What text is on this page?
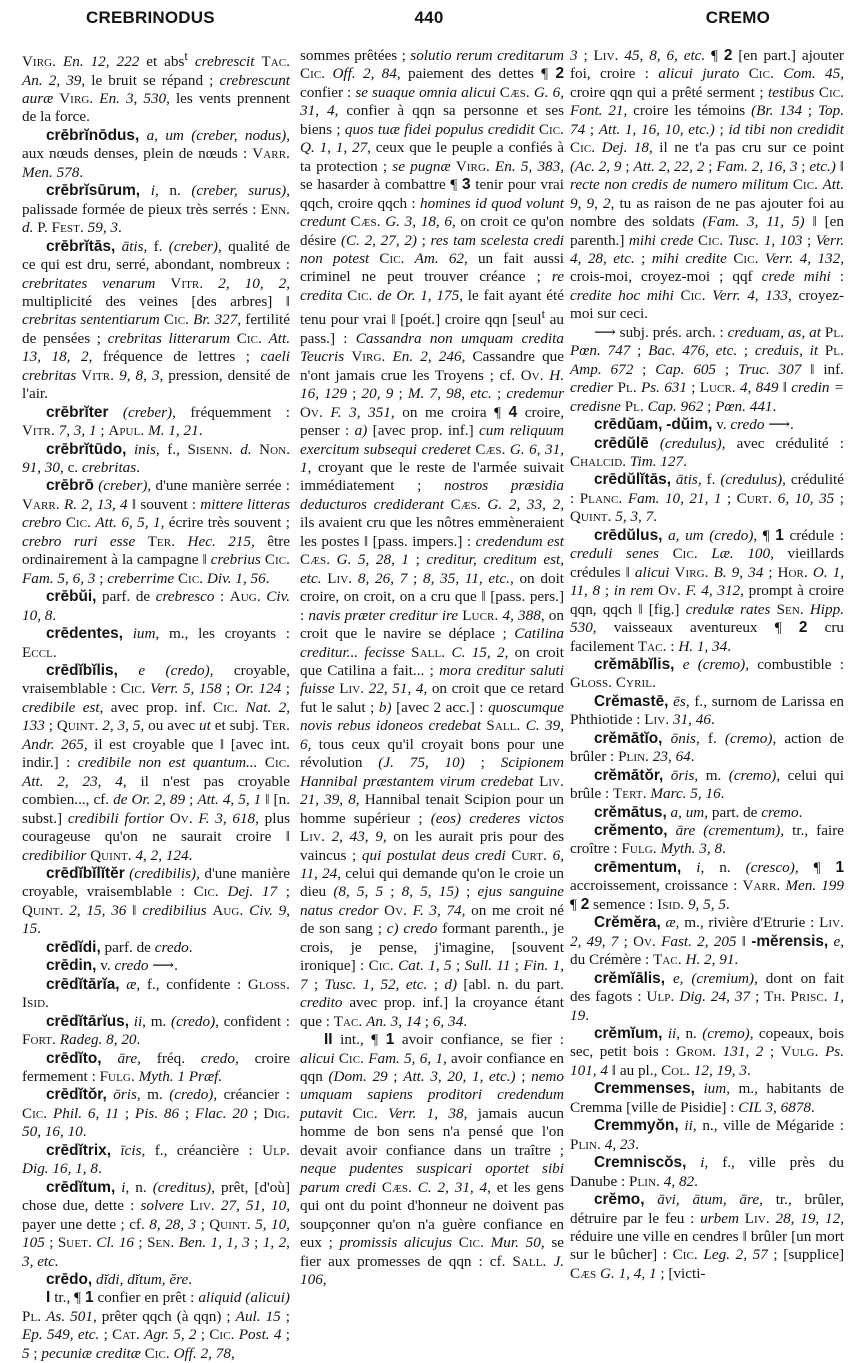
CREBRINODUS	440	CREMO

Virg. En. 12, 222 et abs$^t$ crebrescit Tac. An. 2, 39, le bruit se répand ; crebrescunt auræ Virg. En. 3, 530, les vents prennent de la force.

crēbrĭnōdus, a, um (creber, nodus), aux nœuds denses, plein de nœuds : Varr. Men. 578.

crēbrĭsūrum, i, n. (creber, surus), palissade formée de pieux très serrés : Enn. d. P. Fest. 59, 3.

crēbrĭtās, ātis, f. (creber), qualité de ce qui est dru, serré, abondant, nombreux : crebritates venarum Vitr. 2, 10, 2, multiplicité des veines [des arbres] ‖ crebritas sententiarum Cic. Br. 327, fertilité de pensées ; crebritas litterarum Cic. Att. 13, 18, 2, fréquence de lettres ; caeli crebritas Vitr. 9, 8, 3, pression, densité de l'air.

crēbrĭter (creber), fréquemment : Vitr. 7, 3, 1 ; Apul. M. 1, 21.

crēbrĭtūdo, inis, f., Sisenn. d. Non. 91, 30, c. crebritas.

crēbrō (creber), d'une manière serrée : Varr. R. 2, 13, 4 ‖ souvent : mittere litteras crebro Cic. Att. 6, 5, 1, écrire très souvent ; crebro ruri esse Ter. Hec. 215, être ordinairement à la campagne ‖ crebrius Cic. Fam. 5, 6, 3 ; creberrime Cic. Div. 1, 56.

crēbŭi, parf. de crebresco : Aug. Civ. 10, 8.

crēdentes, ium, m., les croyants : Eccl.

crēdĭbĭlis, e (credo), croyable, vraisemblable : Cic. Verr. 5, 158 ; Or. 124 ; credibile est, avec prop. inf. Cic. Nat. 2, 133 ; Quint. 2, 3, 5, ou avec ut et subj. Ter. Andr. 265, il est croyable que ‖ [avec int. indir.] : credibile non est quantum... Cic. Att. 2, 23, 4, il n'est pas croyable combien..., cf. de Or. 2, 89 ; Att. 4, 5, 1 ‖ [n. subst.] credibili fortior Ov. F. 3, 618, plus courageuse qu'on ne saurait croire ‖ credibilior Quint. 4, 2, 124.

crēdĭbĭlĭtĕr (credibilis), d'une manière croyable, vraisemblable : Cic. Dej. 17 ; Quint. 2, 15, 36 ‖ credibilius Aug. Civ. 9, 15.

crēdĭdi, parf. de credo.

crēdin, v. credo ⟶.

crēdĭtārĭa, æ, f., confidente : Gloss. Isid.

crēdĭtārĭus, ii, m. (credo), confident : Fort. Radeg. 8, 20.

crēdĭto, āre, fréq. credo, croire fermement : Fulg. Myth. 1 Præf.

crēdĭtŏr, ōris, m. (credo), créancier : Cic. Phil. 6, 11 ; Pis. 86 ; Flac. 20 ; Dig. 50, 16, 10.

crēdĭtrix, īcis, f., créancière : Ulp. Dig. 16, 1, 8.

crēdĭtum, i, n. (creditus), prêt, [d'où] chose due, dette : solvere Liv. 27, 51, 10, payer une dette ; cf. 8, 28, 3 ; Quint. 5, 10, 105 ; Suet. Cl. 16 ; Sen. Ben. 1, 1, 3 ; 1, 2, 3, etc.

crēdo, dĭdi, dĭtum, ĕre.

I tr., ¶ 1 confier en prêt : aliquid (alicui) Pl. As. 501, prêter qqch (à qqn) ; Aul. 15 ; Ep. 549, etc. ; Cat. Agr. 5, 2 ; Cic. Post. 4 ; 5 ; pecuniæ creditæ Cic. Off. 2, 78,

sommes prêtées ; solutio rerum creditarum Cic. Off. 2, 84, paiement des dettes ¶ 2 confier : se suaque omnia alicui Cæs. G. 6, 31, 4, confier à qqn sa personne et ses biens ; quos tuæ fidei populus credidit Cic. Q. 1, 1, 27, ceux que le peuple a confiés à ta protection ; se pugnæ Virg. En. 5, 383, se hasarder à combattre ¶ 3 tenir pour vrai qqch, croire qqch : homines id quod volunt credunt Cæs. G. 3, 18, 6, on croit ce qu'on désire (C. 2, 27, 2) ; res tam scelesta credi non potest Cic. Am. 62, un fait aussi criminel ne peut trouver créance ; re credita Cic. de Or. 1, 175, le fait ayant été tenu pour vrai ‖ [poét.] croire qqn [seul$^t$ au pass.] : Cassandra non umquam credita Teucris Virg. En. 2, 246, Cassandre que n'ont jamais crue les Troyens ; cf. Ov. H. 16, 129 ; 20, 9 ; M. 7, 98, etc. ; credemur Ov. F. 3, 351, on me croira ¶ 4 croire, penser : a) [avec prop. inf.] cum reliquum exercitum subsequi crederet Cæs. G. 6, 31, 1, croyant que le reste de l'armée suivait immédiatement ; nostros præsidia deducturos crediderant Cæs. G. 2, 33, 2, ils avaient cru que les nôtres emmèneraient les postes ‖ [pass. impers.] : credendum est Cæs. G. 5, 28, 1 ; creditur, creditum est, etc. Liv. 8, 26, 7 ; 8, 35, 11, etc., on doit croire, on croit, on a cru que ‖ [pass. pers.] : navis præter creditur ire Lucr. 4, 388, on croit que le navire se déplace ; Catilina creditur... fecisse Sall. C. 15, 2, on croit que Catilina a fait... ; mora creditur saluti fuisse Liv. 22, 51, 4, on croit que ce retard fut le salut ; b) [avec 2 acc.] : quoscumque novis rebus idoneos credebat Sall. C. 39, 6, tous ceux qu'il croyait bons pour une révolution (J. 75, 10) ; Scipionem Hannibal præstantem virum credebat Liv. 21, 39, 8, Hannibal tenait Scipion pour un homme supérieur ; (eos) crederes victos Liv. 2, 43, 9, on les aurait pris pour des vaincus ; qui postulat deus credi Curt. 6, 11, 24, celui qui demande qu'on le croie un dieu (8, 5, 5 ; 8, 5, 15) ; ejus sanguine natus credor Ov. F. 3, 74, on me croit né de son sang ; c) credo formant parenth., je crois, je pense, j'imagine, [souvent ironique] : Cic. Cat. 1, 5 ; Sull. 11 ; Fin. 1, 7 ; Tusc. 1, 52, etc. ; d) [abl. n. du part. credito avec prop. inf.] la croyance étant que : Tac. An. 3, 14 ; 6, 34.

II int., ¶ 1 avoir confiance, se fier : alicui Cic. Fam. 5, 6, 1, avoir confiance en qqn (Dom. 29 ; Att. 3, 20, 1, etc.) ; nemo umquam sapiens proditori credendum putavit Cic. Verr. 1, 38, jamais aucun homme de bon sens n'a pensé que l'on devait avoir confiance dans un traître ; neque pudentes suspicari oportet sibi parum credi Cæs. C. 2, 31, 4, et les gens qui ont du point d'honneur ne doivent pas soupçonner qu'on n'a guère confiance en eux ; promissis alicujus Cic. Mur. 50, se fier aux promesses de qqn : cf. Sall. J. 106,

3 ; Liv. 45, 8, 6, etc. ¶ 2 [en part.] ajouter foi, croire : alicui jurato Cic. Com. 45, croire qqn qui a prêté serment ; testibus Cic. Font. 21, croire les témoins (Br. 134 ; Top. 74 ; Att. 1, 16, 10, etc.) ; id tibi non credidit Cic. Dej. 18, il ne t'a pas cru sur ce point (Ac. 2, 9 ; Att. 2, 22, 2 ; Fam. 2, 16, 3 ; etc.) ‖ recte non credis de numero militum Cic. Att. 9, 9, 2, tu as raison de ne pas ajouter foi au nombre des soldats (Fam. 3, 11, 5) ‖ [en parenth.] mihi crede Cic. Tusc. 1, 103 ; Verr. 4, 28, etc. ; mihi credite Cic. Verr. 4, 132, crois-moi, croyez-moi ; qqf crede mihi : credite hoc mihi Cic. Verr. 4, 133, croyez-moi sur ceci.

⟶ subj. prés. arch. : creduam, as, at Pl. Pœn. 747 ; Bac. 476, etc. ; creduis, it Pl. Amp. 672 ; Cap. 605 ; Truc. 307 ‖ inf. credier Pl. Ps. 631 ; Lucr. 4, 849 ‖ credin = credisne Pl. Cap. 962 ; Pœn. 441.

crēdŭam, -dŭim, v. credo ⟶.

crēdŭlē (credulus), avec crédulité : Chalcid. Tim. 127.

crēdŭlĭtās, ātis, f. (credulus), crédulité : Planc. Fam. 10, 21, 1 ; Curt. 6, 10, 35 ; Quint. 5, 3, 7.

crēdŭlus, a, um (credo), ¶ 1 crédule : creduli senes Cic. Læ. 100, vieillards crédules ‖ alicui Virg. B. 9, 34 ; Hor. O. 1, 11, 8 ; in rem Ov. F. 4, 312, prompt à croire qqn, qqch ‖ [fig.] credulæ rates Sen. Hipp. 530, vaisseaux aventureux ¶ 2 cru facilement Tac. : H. 1, 34.

crĕmābĭlis, e (cremo), combustible : Gloss. Cyril.

Crĕmastē, ēs, f., surnom de Larissa en Phthiotide : Liv. 31, 46.

crĕmātĭo, ōnis, f. (cremo), action de brûler : Plin. 23, 64.

crĕmātŏr, ōris, m. (cremo), celui qui brûle : Tert. Marc. 5, 16.

crĕmātus, a, um, part. de cremo.

crĕmento, āre (crementum), tr., faire croître : Fulg. Myth. 3, 8.

crēmentum, i, n. (cresco), ¶ 1 accroissement, croissance : Varr. Men. 199 ¶ 2 semence : Isid. 9, 5, 5.

Crĕmĕra, æ, m., rivière d'Etrurie : Liv. 2, 49, 7 ; Ov. Fast. 2, 205 ‖ -mĕrensis, e, du Crémère : Tac. H. 2, 91.

crĕmĭālis, e, (cremium), dont on fait des fagots : Ulp. Dig. 24, 37 ; Th. Prisc. 1, 19.

crĕmĭum, ii, n. (cremo), copeaux, bois sec, petit bois : Grom. 131, 2 ; Vulg. Ps. 101, 4 ‖ au pl., Col. 12, 19, 3.

Cremmenses, ium, m., habitants de Cremma [ville de Pisidie] : CIL 3, 6878.

Cremmyŏn, ii, n., ville de Mégaride : Plin. 4, 23.

Cremniscŏs, i, f., ville près du Danube : Plin. 4, 82.

crĕmo, āvi, ātum, āre, tr., brûler, détruire par le feu : urbem Liv. 28, 19, 12, réduire une ville en cendres ‖ brûler [un mort sur le bûcher] : Cic. Leg. 2, 57 ; [supplice] Cæs G. 1, 4, 1 ; [victi-
